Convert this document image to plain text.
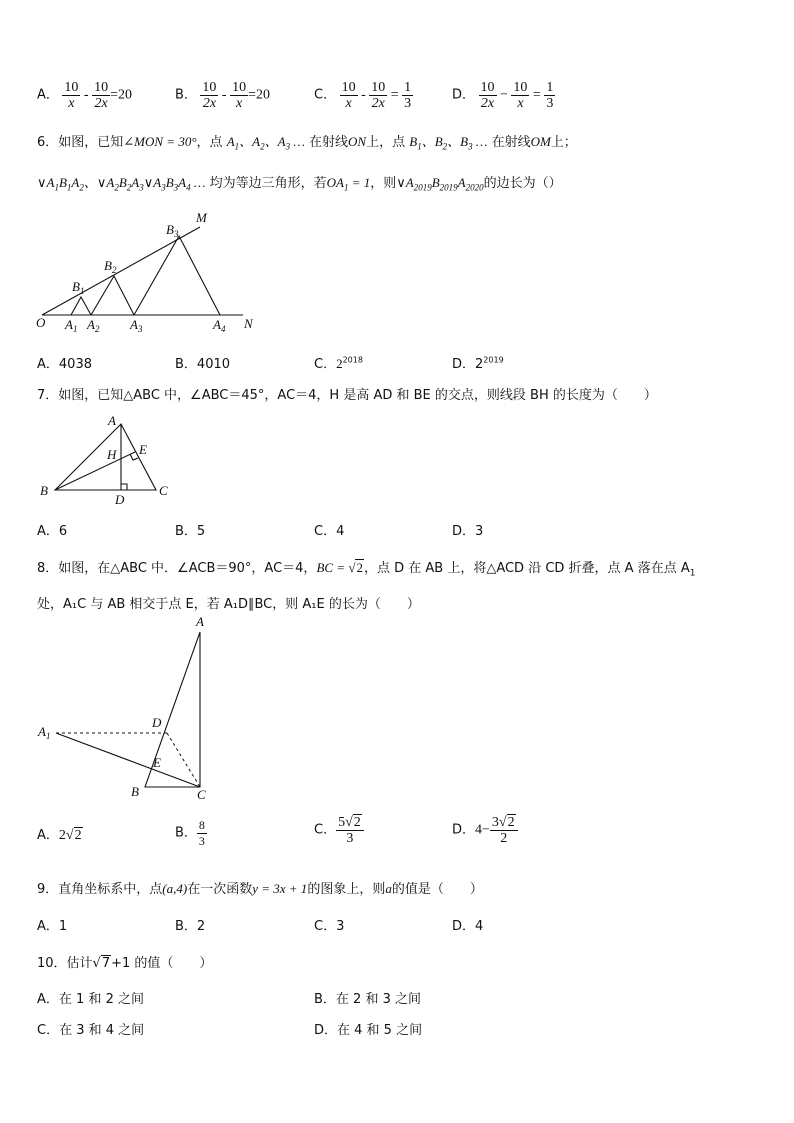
A． $\frac{10}{x} - \frac{10}{2x} =20$	B． $\frac{10}{2x} - \frac{10}{x} =20$	C． $\frac{10}{x} - \frac{10}{2x} = \frac{1}{3}$	D． $\frac{10}{2x} - \frac{10}{x} = \frac{1}{3}$
6．如图，已知∠MON = 30°，点 $A_1$、$A_2$、$A_3$ … 在射线ON上，点 $B_1$、$B_2$、$B_3$ … 在射线OM上；
$\vee A_1B_1A_2$、$\vee A_2B_2A_3\vee A_3B_3A_4$ … 均为等边三角形，若$OA_1 = 1$，则$\vee A_{2019}B_{2019}A_{2020}$的边长为（）
O	N
M
$A_1$ $A_2$ $A_3$	$A_4$
$B_1$
$B_2$
$B_3$
A．4038	B．4010	C．$2^{2018}$	D．$2^{2019}$
7．如图，已知△ABC 中，∠ABC＝45°，AC＝4，H 是高 AD 和 BE 的交点，则线段 BH 的长度为（　　）
A
B	C
D
E
H
A．6	B．5	C．4	D．3
8．如图，在△ABC 中．∠ACB＝90°，AC＝4，BC = √2，点 D 在 AB 上，将△ACD 沿 CD 折叠，点 A 落在点 $A_1$
处，A₁C 与 AB 相交于点 E，若 A₁D∥BC，则 A₁E 的长为（　　）
A
$A_1$
B	C
D
E
A．2√2	B． $\frac{8}{3}$	C． $\frac{5√2}{3}$	D．$4- \frac{3√2}{2}$
9．直角坐标系中，点(a,4)在一次函数y = 3x + 1的图象上，则a的值是（　　）
A．1	B．2	C．3	D．4
10．估计√7+1 的值（　　）
A．在 1 和 2 之间	B．在 2 和 3 之间
C．在 3 和 4 之间	D．在 4 和 5 之间
